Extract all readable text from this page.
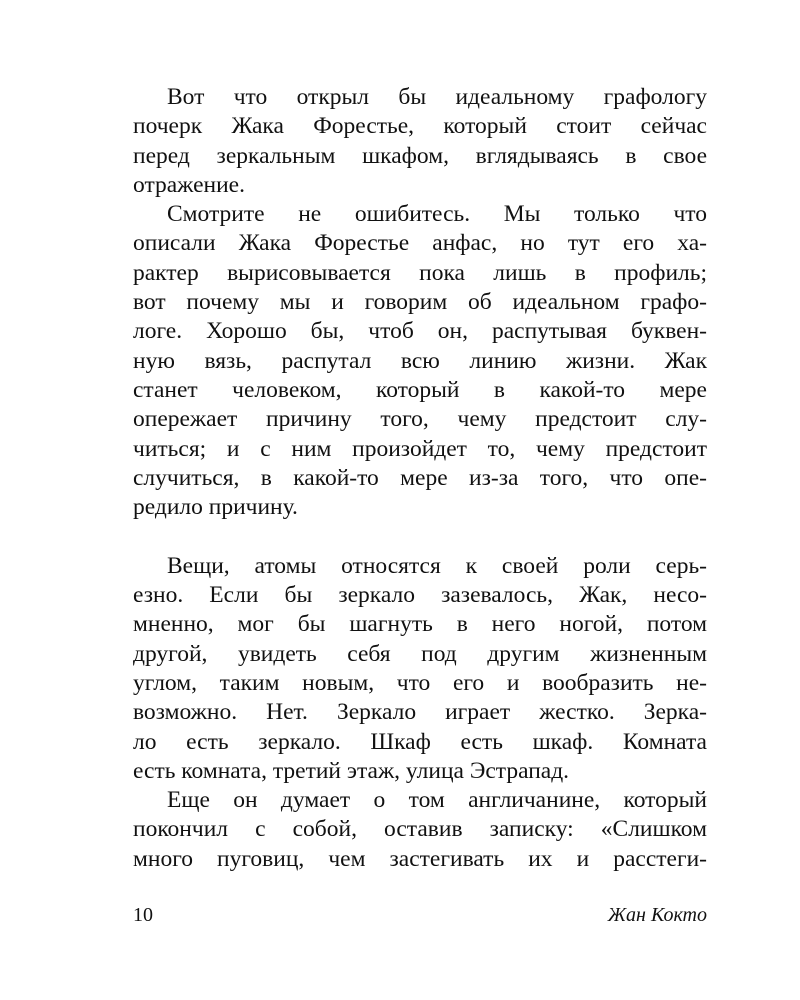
Вот что открыл бы идеальному графологу
почерк Жака Форестье, который стоит сейчас
перед зеркальным шкафом, вглядываясь в свое
отражение.
Смотрите не ошибитесь. Мы только что
описали Жака Форестье анфас, но тут его ха-
рактер вырисовывается пока лишь в профиль;
вот почему мы и говорим об идеальном графо-
логе. Хорошо бы, чтоб он, распутывая буквен-
ную вязь, распутал всю линию жизни. Жак
станет человеком, который в какой-то мере
опережает причину того, чему предстоит слу-
читься; и с ним произойдет то, чему предстоит
случиться, в какой-то мере из-за того, что опе-
редило причину.
Вещи, атомы относятся к своей роли серь-
езно. Если бы зеркало зазевалось, Жак, несо-
мненно, мог бы шагнуть в него ногой, потом
другой, увидеть себя под другим жизненным
углом, таким новым, что его и вообразить не-
возможно. Нет. Зеркало играет жестко. Зерка-
ло есть зеркало. Шкаф есть шкаф. Комната
есть комната, третий этаж, улица Эстрапад.
Еще он думает о том англичанине, который
покончил с собой, оставив записку: «Слишком
много пуговиц, чем застегивать их и расстеги-
10	Жан Кокто
